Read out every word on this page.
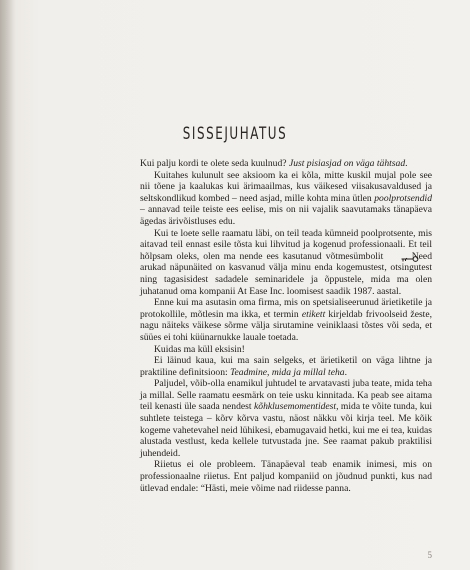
SISSEJUHATUS

Kui palju kordi te olete seda kuulnud? Just pisiasjad on väga tähtsad.

Kuitahes kulunult see aksioom ka ei kõla, mitte kuskil mujal pole see nii tõene ja kaalukas kui ärimaailmas, kus väikesed viisakusavaldused ja seltskondlikud kombed – need asjad, mille kohta mina ütlen poolprotsendid – annavad teile teiste ees eelise, mis on nii vajalik saavutamaks tänapäeva ägedas ärivõistluses edu.

Kui te loete selle raamatu läbi, on teil teada kümneid poolprotsente, mis aitavad teil ennast esile tõsta kui lihvitud ja kogenud professionaali. Et teil hõlpsam oleks, olen ma nende ees kasutanud võtmesümbolit . Need arukad näpunäited on kasvanud välja minu enda kogemustest, otsingutest ning tagasisidest sadadele seminaridele ja õppustele, mida ma olen juhatanud oma kompanii At Ease Inc. loomisest saadik 1987. aastal.

Enne kui ma asutasin oma firma, mis on spetsialiseerunud ärietiketile ja protokollile, mõtlesin ma ikka, et termin etikett kirjeldab frivoolseid žeste, nagu näiteks väikese sõrme välja sirutamine veiniklaasi tõstes või seda, et süües ei tohi küünarnukke lauale toetada.

Kuidas ma küll eksisin!

Ei läinud kaua, kui ma sain selgeks, et ärietiketil on väga lihtne ja praktiline definitsioon: Teadmine, mida ja millal teha.

Paljudel, võib-olla enamikul juhtudel te arvatavasti juba teate, mida teha ja millal. Selle raamatu eesmärk on teie usku kinnitada. Ka peab see aitama teil kenasti üle saada nendest kõhklusemomentidest, mida te võite tunda, kui suhtlete teistega – kõrv kõrva vastu, näost näkku või kirja teel. Me kõik kogeme vahetevahel neid lühikesi, ebamugavaid hetki, kui me ei tea, kuidas alustada vestlust, keda kellele tutvustada jne. See raamat pakub praktilisi juhendeid.

Riietus ei ole probleem. Tänapäeval teab enamik inimesi, mis on professionaalne riietus. Ent paljud kompaniid on jõudnud punkti, kus nad ütlevad endale: “Hästi, meie võime nad riidesse panna.

5
